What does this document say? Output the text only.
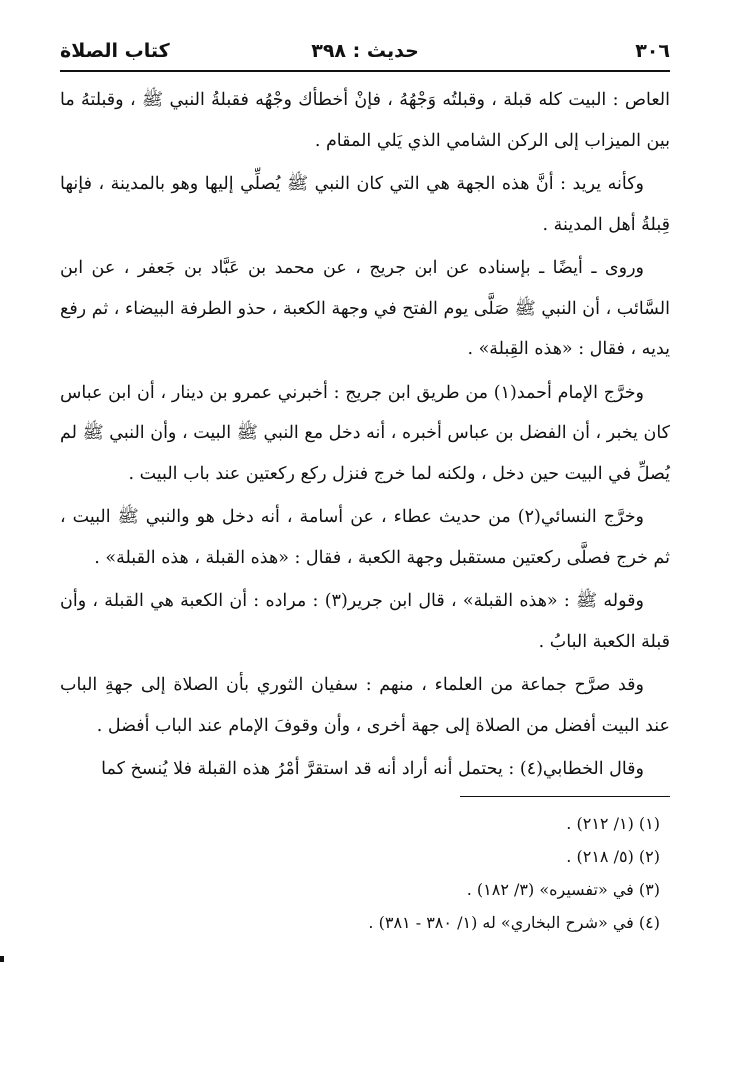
٣٠٦
حديث : ٣٩٨
كتاب الصلاة

العاص : البيت كله قبلة ، وقبلتُه وَجْهُهُ ، فإنْ أخطأك وجْهُه فقبلةُ النبي ﷺ ، وقبلتهُ ما بين الميزاب إلى الركن الشامي الذي يَلي المقام .

وكأنه يريد : أنَّ هذه الجهة هي التي كان النبي ﷺ يُصلِّي إليها وهو بالمدينة ، فإنها قِبلةُ أهل المدينة .

وروى ـ أيضًا ـ بإسناده عن ابن جريج ، عن محمد بن عَبَّاد بن جَعفر ، عن ابن السَّائب ، أن النبي ﷺ صَلَّى يوم الفتح في وجهة الكعبة ، حذو الطرفة البيضاء ، ثم رفع يديه ، فقال : «هذه القِبلة» .

وخرَّج الإمام أحمد(١) من طريق ابن جريج : أخبرني عمرو بن دينار ، أن ابن عباس كان يخبر ، أن الفضل بن عباس أخبره ، أنه دخل مع النبي ﷺ البيت ، وأن النبي ﷺ لم يُصلِّ في البيت حين دخل ، ولكنه لما خرج فنزل ركع ركعتين عند باب البيت .

وخرَّج النسائي(٢) من حديث عطاء ، عن أسامة ، أنه دخل هو والنبي ﷺ البيت ، ثم خرج فصلَّى ركعتين مستقبل وجهة الكعبة ، فقال : «هذه القبلة ، هذه القبلة» .

وقوله ﷺ : «هذه القبلة» ، قال ابن جرير(٣) : مراده : أن الكعبة هي القبلة ، وأن قبلة الكعبة البابُ .

وقد صرَّح جماعة من العلماء ، منهم : سفيان الثوري بأن الصلاة إلى جهةِ الباب عند البيت أفضل من الصلاة إلى جهة أخرى ، وأن وقوفَ الإمام عند الباب أفضل .

وقال الخطابي(٤) : يحتمل أنه أراد أنه قد استقرَّ أمْرُ هذه القبلة فلا يُنسخ كما

(١) (١/ ٢١٢) .

(٢) (٥/ ٢١٨) .

(٣) في «تفسيره» (٣/ ١٨٢) .

(٤) في «شرح البخاري» له (١/ ٣٨٠ - ٣٨١) .
